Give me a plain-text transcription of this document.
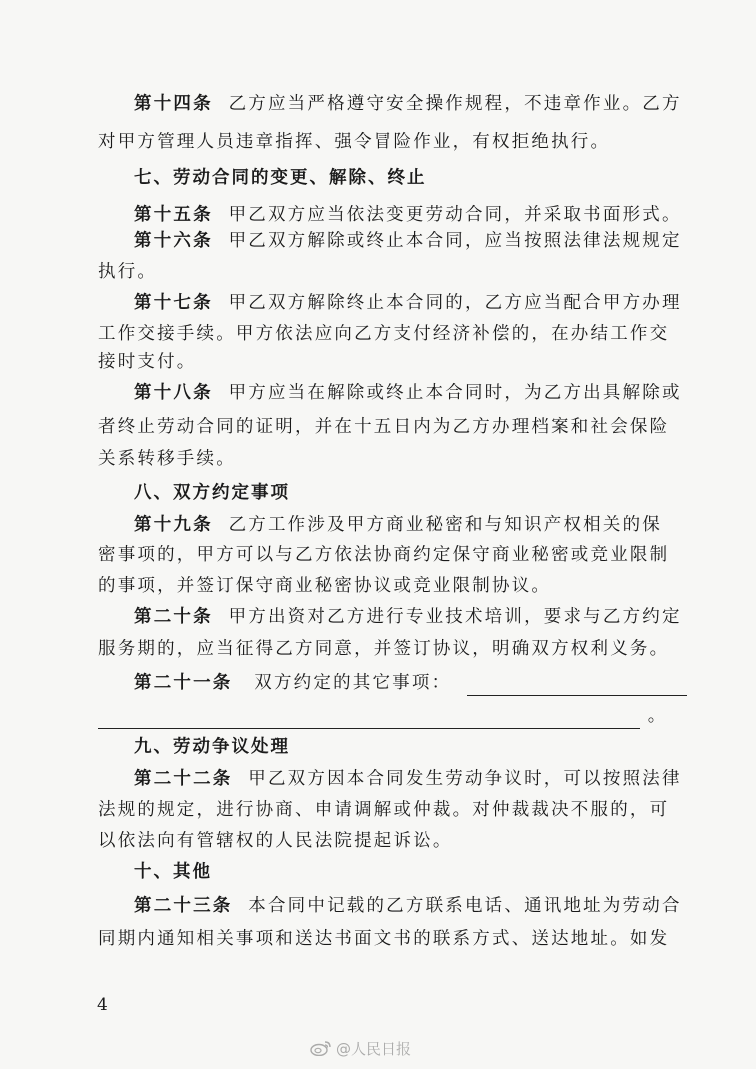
第十四条 乙方应当严格遵守安全操作规程，不违章作业。乙方
对甲方管理人员违章指挥、强令冒险作业，有权拒绝执行。
七、劳动合同的变更、解除、终止
第十五条 甲乙双方应当依法变更劳动合同，并采取书面形式。
第十六条 甲乙双方解除或终止本合同，应当按照法律法规规定
执行。
第十七条 甲乙双方解除终止本合同的，乙方应当配合甲方办理
工作交接手续。甲方依法应向乙方支付经济补偿的，在办结工作交
接时支付。
第十八条 甲方应当在解除或终止本合同时，为乙方出具解除或
者终止劳动合同的证明，并在十五日内为乙方办理档案和社会保险
关系转移手续。
八、双方约定事项
第十九条 乙方工作涉及甲方商业秘密和与知识产权相关的保
密事项的，甲方可以与乙方依法协商约定保守商业秘密或竞业限制
的事项，并签订保守商业秘密协议或竞业限制协议。
第二十条 甲方出资对乙方进行专业技术培训，要求与乙方约定
服务期的，应当征得乙方同意，并签订协议，明确双方权利义务。
第二十一条 双方约定的其它事项：
。
九、劳动争议处理
第二十二条 甲乙双方因本合同发生劳动争议时，可以按照法律
法规的规定，进行协商、申请调解或仲裁。对仲裁裁决不服的，可
以依法向有管辖权的人民法院提起诉讼。
十、其他
第二十三条 本合同中记载的乙方联系电话、通讯地址为劳动合
同期内通知相关事项和送达书面文书的联系方式、送达地址。如发
4
@人民日报
